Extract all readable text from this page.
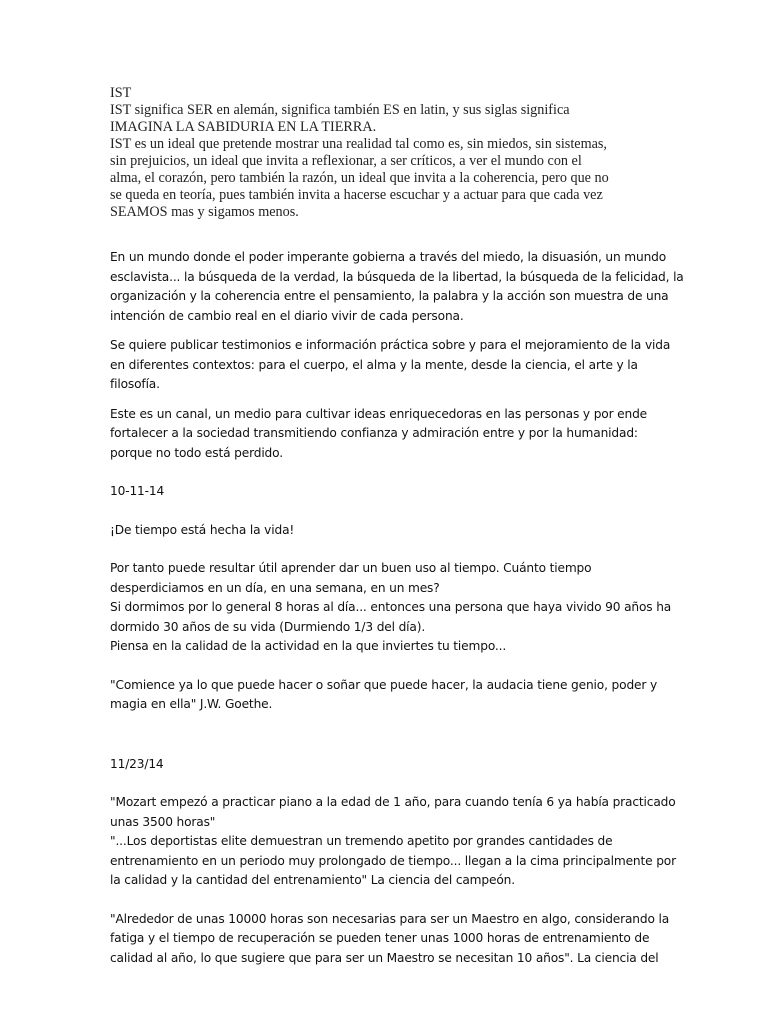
IST
IST significa SER en alemán, significa también ES en latin, y sus siglas significa
IMAGINA LA SABIDURIA EN LA TIERRA.
IST es un ideal que pretende mostrar una realidad tal como es, sin miedos, sin sistemas,
sin prejuicios, un ideal que invita a reflexionar, a ser críticos, a ver el mundo con el
alma, el corazón, pero también la razón, un ideal que invita a la coherencia, pero que no
se queda en teoría, pues también invita a hacerse escuchar y a actuar para que cada vez
SEAMOS mas y sigamos menos.
En un mundo donde el poder imperante gobierna a través del miedo, la disuasión, un mundo
esclavista... la búsqueda de la verdad, la búsqueda de la libertad, la búsqueda de la felicidad, la
organización y la coherencia entre el pensamiento, la palabra y la acción son muestra de una
intención de cambio real en el diario vivir de cada persona.
Se quiere publicar testimonios e información práctica sobre y para el mejoramiento de la vida
en diferentes contextos: para el cuerpo, el alma y la mente, desde la ciencia, el arte y la
filosofía.
Este es un canal, un medio para cultivar ideas enriquecedoras en las personas y por ende
fortalecer a la sociedad transmitiendo confianza y admiración entre y por la humanidad:
porque no todo está perdido.
10-11-14
¡De tiempo está hecha la vida!
Por tanto puede resultar útil aprender dar un buen uso al tiempo. Cuánto tiempo
desperdiciamos en un día, en una semana, en un mes?
Si dormimos por lo general 8 horas al día... entonces una persona que haya vivido 90 años ha
dormido 30 años de su vida (Durmiendo 1/3 del día).
Piensa en la calidad de la actividad en la que inviertes tu tiempo...
"Comience ya lo que puede hacer o soñar que puede hacer, la audacia tiene genio, poder y
magia en ella" J.W. Goethe.
11/23/14
"Mozart empezó a practicar piano a la edad de 1 año, para cuando tenía 6 ya había practicado
unas 3500 horas"
"...Los deportistas elite demuestran un tremendo apetito por grandes cantidades de
entrenamiento en un periodo muy prolongado de tiempo... llegan a la cima principalmente por
la calidad y la cantidad del entrenamiento" La ciencia del campeón.
"Alrededor de unas 10000 horas son necesarias para ser un Maestro en algo, considerando la
fatiga y el tiempo de recuperación se pueden tener unas 1000 horas de entrenamiento de
calidad al año, lo que sugiere que para ser un Maestro se necesitan 10 años". La ciencia del
